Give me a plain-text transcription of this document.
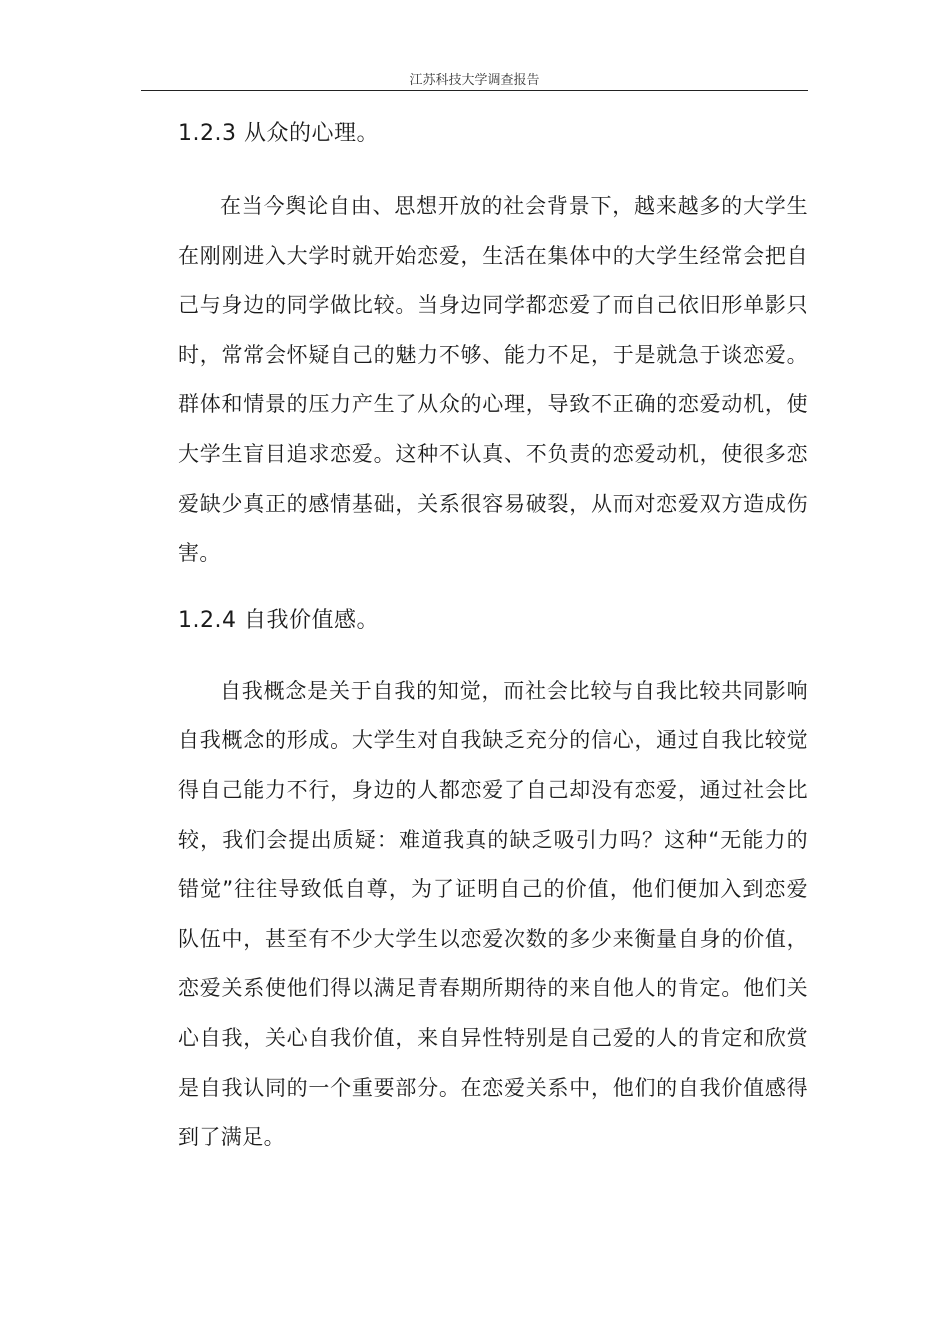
江苏科技大学调查报告
1.2.3 从众的心理。

在当今舆论自由、思想开放的社会背景下，越来越多的大学生在刚刚进入大学时就开始恋爱，生活在集体中的大学生经常会把自己与身边的同学做比较。当身边同学都恋爱了而自己依旧形单影只时，常常会怀疑自己的魅力不够、能力不足，于是就急于谈恋爱。群体和情景的压力产生了从众的心理，导致不正确的恋爱动机，使大学生盲目追求恋爱。这种不认真、不负责的恋爱动机，使很多恋爱缺少真正的感情基础，关系很容易破裂，从而对恋爱双方造成伤害。

1.2.4 自我价值感。

自我概念是关于自我的知觉，而社会比较与自我比较共同影响自我概念的形成。大学生对自我缺乏充分的信心，通过自我比较觉得自己能力不行，身边的人都恋爱了自己却没有恋爱，通过社会比较，我们会提出质疑：难道我真的缺乏吸引力吗？这种“无能力的错觉”往往导致低自尊，为了证明自己的价值，他们便加入到恋爱队伍中，甚至有不少大学生以恋爱次数的多少来衡量自身的价值，恋爱关系使他们得以满足青春期所期待的来自他人的肯定。他们关心自我，关心自我价值，来自异性特别是自己爱的人的肯定和欣赏是自我认同的一个重要部分。在恋爱关系中，他们的自我价值感得到了满足。
